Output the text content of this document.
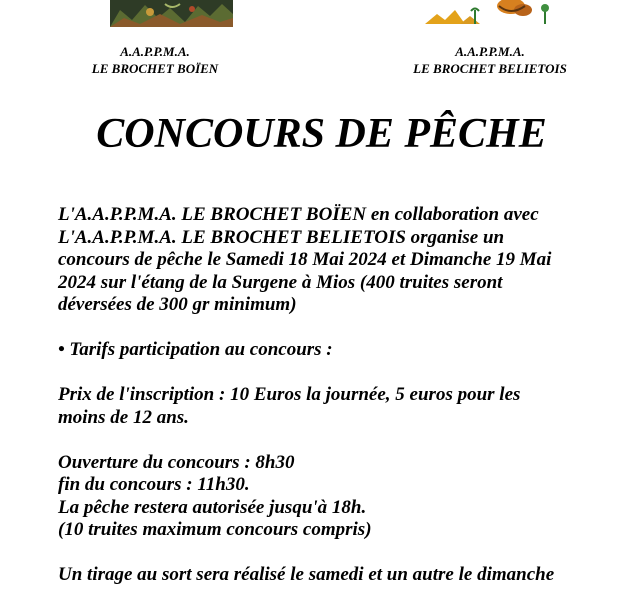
A.A.P.P.M.A.
LE BROCHET BOÏEN
A.A.P.P.M.A.
LE BROCHET BELIETOIS
CONCOURS DE PÊCHE

L'A.A.P.P.M.A. LE BROCHET BOÏEN en collaboration avec
L'A.A.P.P.M.A. LE BROCHET BELIETOIS organise un
concours de pêche le Samedi 18 Mai 2024 et Dimanche 19 Mai
2024 sur l'étang de la Surgene à Mios (400 truites seront
déversées de 300 gr minimum)

• Tarifs participation au concours :

Prix de l'inscription : 10 Euros la journée, 5 euros pour les
moins de 12 ans.

Ouverture du concours : 8h30
fin du concours : 11h30.
La pêche restera autorisée jusqu'à 18h.
(10 truites maximum concours compris)

Un tirage au sort sera réalisé le samedi et un autre le dimanche
